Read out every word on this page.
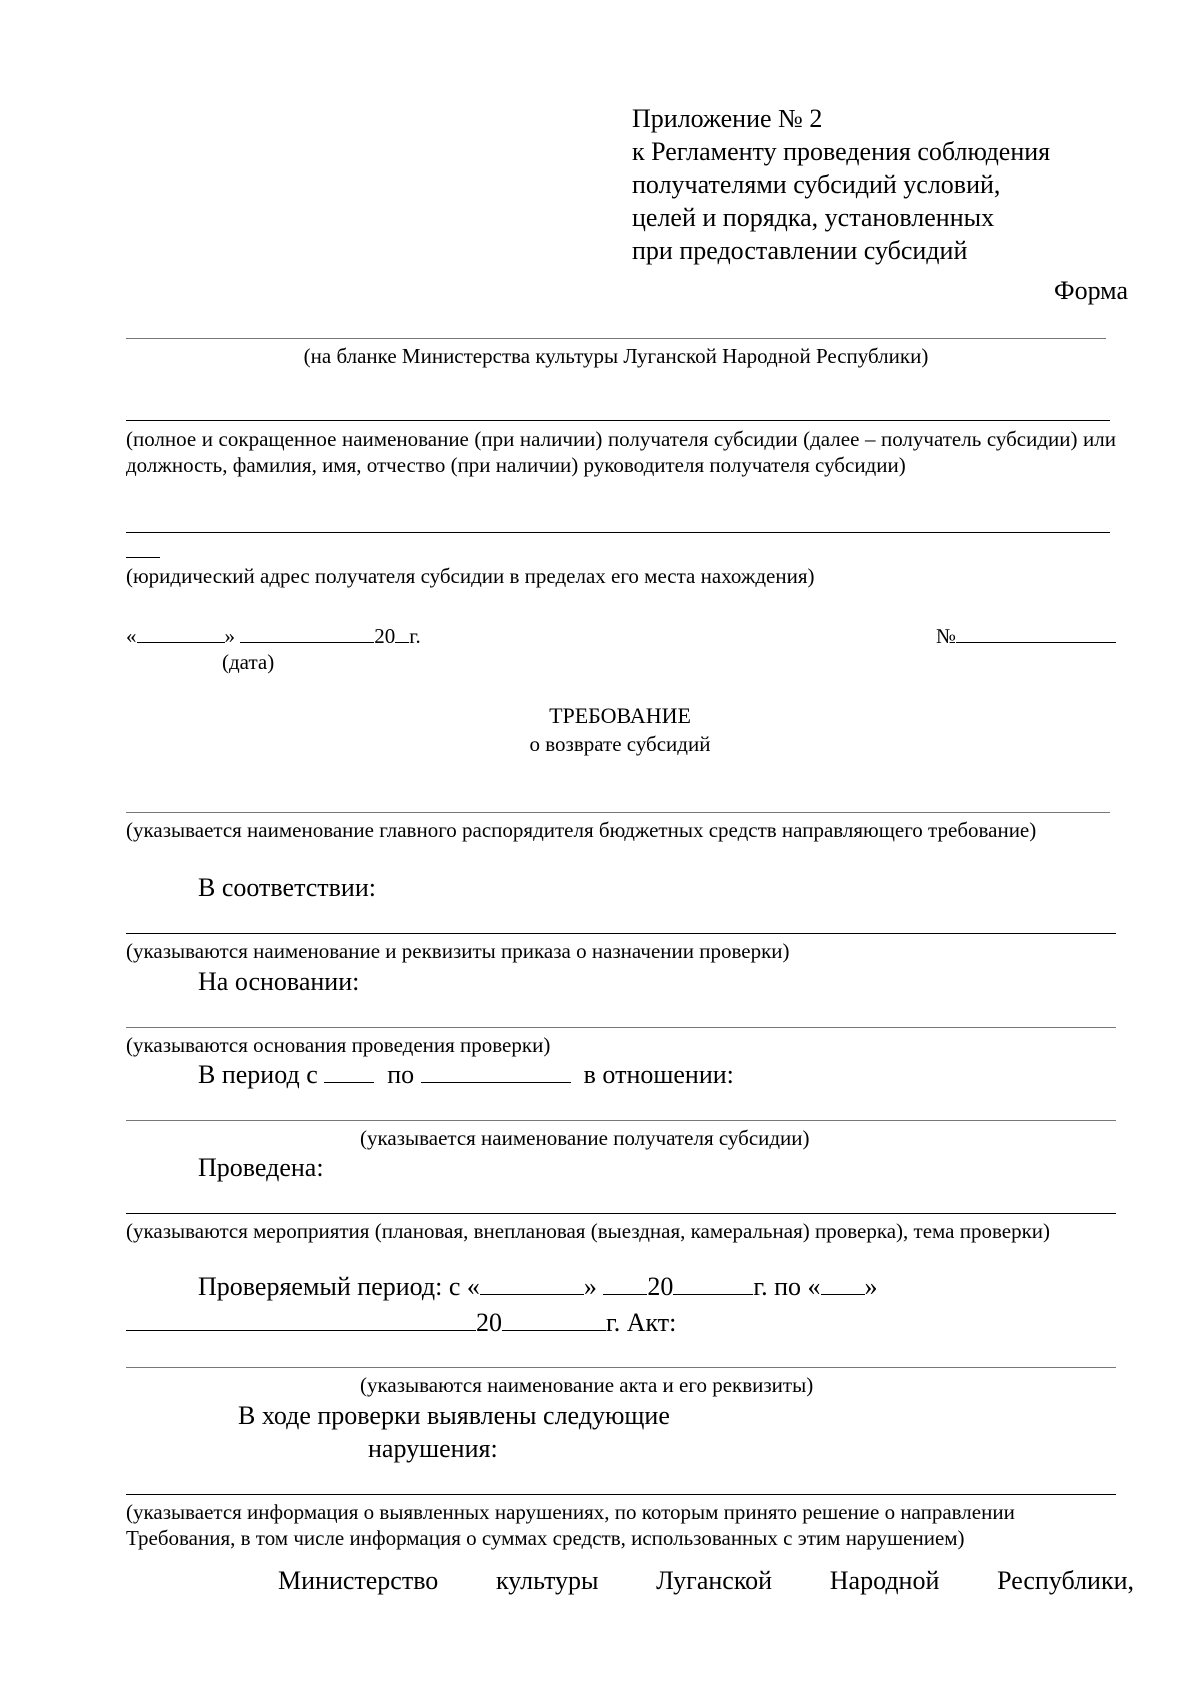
Приложение № 2
к Регламенту проведения соблюдения
получателями субсидий условий,
целей и порядка, установленных
при предоставлении субсидий
Форма
(на бланке Министерства культуры Луганской Народной Республики)
(полное и сокращенное наименование (при наличии) получателя субсидии (далее – получатель субсидии) или должность, фамилия, имя, отчество (при наличии) руководителя получателя субсидии)
(юридический адрес получателя субсидии в пределах его места нахождения)
«	»	20 г.	№
(дата)
ТРЕБОВАНИЕ
о возврате субсидий
(указывается наименование главного распорядителя бюджетных средств направляющего требование)
В соответствии:
(указываются наименование и реквизиты приказа о назначении проверки)
На основании:
(указываются основания проведения проверки)
В период с	по	в отношении:
(указывается наименование получателя субсидии)
Проведена:
(указываются мероприятия (плановая, внеплановая (выездная, камеральная) проверка), тема проверки)
Проверяемый период: с «	» 20	г. по « »
20	г. Акт:
(указываются наименование акта и его реквизиты)
В ходе проверки выявлены следующие
нарушения:
(указывается информация о выявленных нарушениях, по которым принято решение о направлении Требования, в том числе информация о суммах средств, использованных с этим нарушением)
Министерство культуры Луганской Народной Республики,
